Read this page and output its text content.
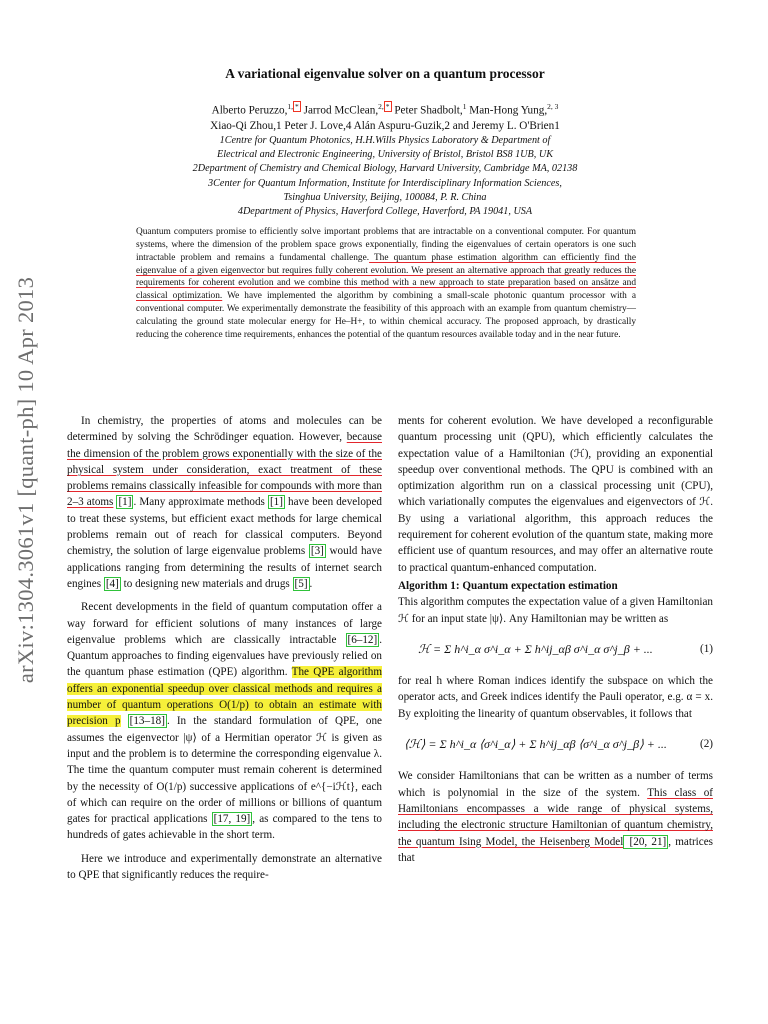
arXiv:1304.3061v1 [quant-ph] 10 Apr 2013
A variational eigenvalue solver on a quantum processor
Alberto Peruzzo,$^{1,}$ * Jarrod McClean,$^{2,}$ * Peter Shadbolt,$^1$ Man-Hong Yung,$^{2, 3}$
Xiao-Qi Zhou,1 Peter J. Love,4 Alán Aspuru-Guzik,2 and Jeremy L. O'Brien1
1Centre for Quantum Photonics, H.H.Wills Physics Laboratory & Department of
Electrical and Electronic Engineering, University of Bristol, Bristol BS8 1UB, UK
2Department of Chemistry and Chemical Biology, Harvard University, Cambridge MA, 02138
3Center for Quantum Information, Institute for Interdisciplinary Information Sciences,
Tsinghua University, Beijing, 100084, P. R. China
4Department of Physics, Haverford College, Haverford, PA 19041, USA
Quantum computers promise to efficiently solve important problems that are intractable on a conventional computer. For quantum systems, where the dimension of the problem space grows exponentially, finding the eigenvalues of certain operators is one such intractable problem and remains a fundamental challenge. The quantum phase estimation algorithm can efficiently find the eigenvalue of a given eigenvector but requires fully coherent evolution. We present an alternative approach that greatly reduces the requirements for coherent evolution and we combine this method with a new approach to state preparation based on ansätze and classical optimization. We have implemented the algorithm by combining a small-scale photonic quantum processor with a conventional computer. We experimentally demonstrate the feasibility of this approach with an example from quantum chemistry—calculating the ground state molecular energy for He–H+, to within chemical accuracy. The proposed approach, by drastically reducing the coherence time requirements, enhances the potential of the quantum resources available today and in the near future.

In chemistry, the properties of atoms and molecules can be determined by solving the Schrödinger equation. However, because the dimension of the problem grows exponentially with the size of the physical system under consideration, exact treatment of these problems remains classically infeasible for compounds with more than 2–3 atoms [1] . Many approximate methods [1] have been developed to treat these systems, but efficient exact methods for large chemical problems remain out of reach for classical computers. Beyond chemistry, the solution of large eigenvalue problems [3] would have applications ranging from determining the results of internet search engines [4] to designing new materials and drugs [5] .

Recent developments in the field of quantum computation offer a way forward for efficient solutions of many instances of large eigenvalue problems which are classically intractable [6–12] . Quantum approaches to finding eigenvalues have previously relied on the quantum phase estimation (QPE) algorithm. The QPE algorithm offers an exponential speedup over classical methods and requires a number of quantum operations O(1/p) to obtain an estimate with precision p [13–18] . In the standard formulation of QPE, one assumes the eigenvector |ψ⟩ of a Hermitian operator ℋ is given as input and the problem is to determine the corresponding eigenvalue λ. The time the quantum computer must remain coherent is determined by the necessity of O(1/p) successive applications of e^{−iℋt}, each of which can require on the order of millions or billions of quantum gates for practical applications [17, 19] , as compared to the tens to hundreds of gates achievable in the short term.

Here we introduce and experimentally demonstrate an alternative to QPE that significantly reduces the require-

ments for coherent evolution. We have developed a reconfigurable quantum processing unit (QPU), which efficiently calculates the expectation value of a Hamiltonian (ℋ), providing an exponential speedup over conventional methods. The QPU is combined with an optimization algorithm run on a classical processing unit (CPU), which variationally computes the eigenvalues and eigenvectors of ℋ. By using a variational algorithm, this approach reduces the requirement for coherent evolution of the quantum state, making more efficient use of quantum resources, and may offer an alternative route to practical quantum-enhanced computation.

Algorithm 1: Quantum expectation estimation

This algorithm computes the expectation value of a given Hamiltonian ℋ for an input state |ψ⟩. Any Hamiltonian may be written as

ℋ = Σ h^i_α σ^i_α + Σ h^ij_αβ σ^i_α σ^j_β + ...	(1)

for real h where Roman indices identify the subspace on which the operator acts, and Greek indices identify the Pauli operator, e.g. α = x. By exploiting the linearity of quantum observables, it follows that

⟨ℋ⟩ = Σ h^i_α ⟨σ^i_α⟩ + Σ h^ij_αβ ⟨σ^i_α σ^j_β⟩ + ...	(2)

We consider Hamiltonians that can be written as a number of terms which is polynomial in the size of the system. This class of Hamiltonians encompasses a wide range of physical systems, including the electronic structure Hamiltonian of quantum chemistry, the quantum Ising Model, the Heisenberg Model [20, 21] , matrices that
